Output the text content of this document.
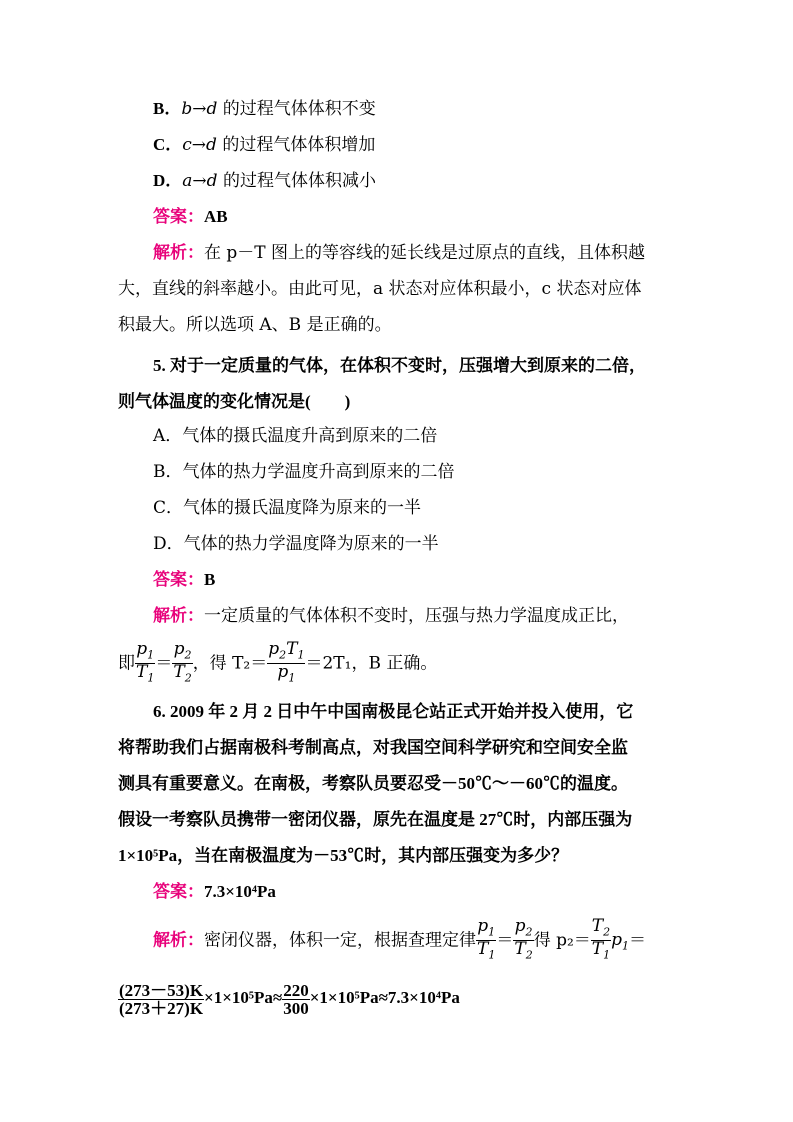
B．b→d 的过程气体体积不变
C．c→d 的过程气体体积增加
D．a→d 的过程气体体积减小
答案：AB
解析：在 p－T 图上的等容线的延长线是过原点的直线，且体积越
大，直线的斜率越小。由此可见，a 状态对应体积最小，c 状态对应体
积最大。所以选项 A、B 是正确的。
5. 对于一定质量的气体，在体积不变时，压强增大到原来的二倍，
则气体温度的变化情况是(　　)
A．气体的摄氏温度升高到原来的二倍
B．气体的热力学温度升高到原来的二倍
C．气体的摄氏温度降为原来的一半
D．气体的热力学温度降为原来的一半
答案：B
解析：一定质量的气体体积不变时，压强与热力学温度成正比，
即 $\frac{p_1}{T_1} = \frac{p_2}{T_2}$ ，得 $T_2= \frac{p_2T_1}{p_1} =2T_1$，B 正确。
6. 2009 年 2 月 2 日中午中国南极昆仑站正式开始并投入使用，它
将帮助我们占据南极科考制高点，对我国空间科学研究和空间安全监
测具有重要意义。在南极，考察队员要忍受－50℃～－60℃的温度。
假设一考察队员携带一密闭仪器，原先在温度是 27℃时，内部压强为
1×10⁵Pa，当在南极温度为－53℃时，其内部压强变为多少？
答案：7.3×10⁴Pa
解析：密闭仪器，体积一定，根据查理定律 $\frac{p_1}{T_1} = \frac{p_2}{T_2}$ 得 $p_2= \frac{T_2}{T_1} p_1=$
$\frac{(273-53)K}{(273+27)K} \times 1\times 10^5Pa\approx \frac{220}{300} \times 1\times 10^5Pa\approx 7.3\times 10^4Pa$
